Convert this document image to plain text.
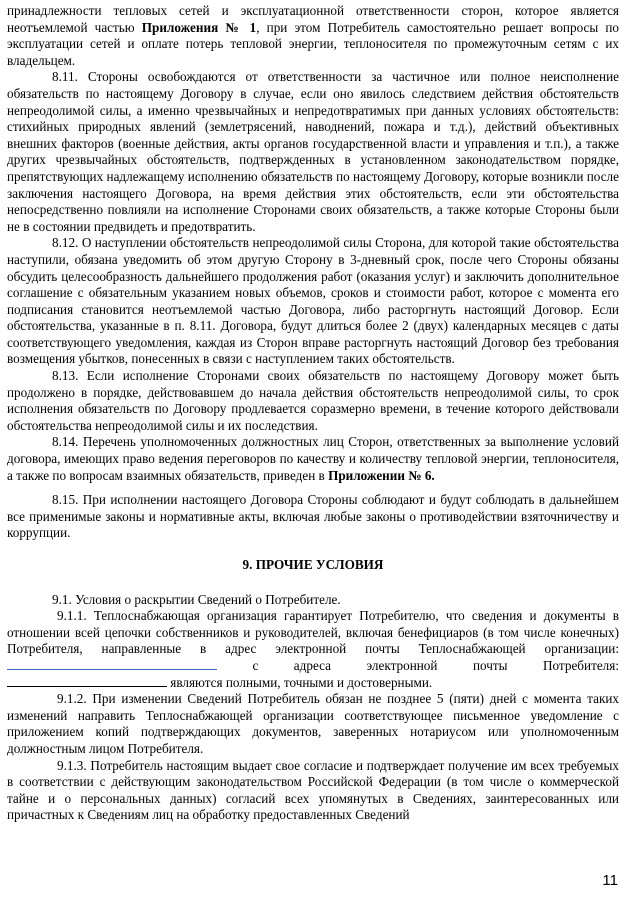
принадлежности тепловых сетей и эксплуатационной ответственности сторон, которое является неотъемлемой частью Приложения № 1, при этом Потребитель самостоятельно решает вопросы по эксплуатации сетей и оплате потерь тепловой энергии, теплоносителя по промежуточным сетям с их владельцем.

8.11. Стороны освобождаются от ответственности за частичное или полное неисполнение обязательств по настоящему Договору в случае, если оно явилось следствием действия обстоятельств непреодолимой силы, а именно чрезвычайных и непредотвратимых при данных условиях обстоятельств: стихийных природных явлений (землетрясений, наводнений, пожара и т.д.), действий объективных внешних факторов (военные действия, акты органов государственной власти и управления и т.п.), а также других чрезвычайных обстоятельств, подтвержденных в установленном законодательством порядке, препятствующих надлежащему исполнению обязательств по настоящему Договору, которые возникли после заключения настоящего Договора, на время действия этих обстоятельств, если эти обстоятельства непосредственно повлияли на исполнение Сторонами своих обязательств, а также которые Стороны были не в состоянии предвидеть и предотвратить.

8.12. О наступлении обстоятельств непреодолимой силы Сторона, для которой такие обстоятельства наступили, обязана уведомить об этом другую Сторону в 3-дневный срок, после чего Стороны обязаны обсудить целесообразность дальнейшего продолжения работ (оказания услуг) и заключить дополнительное соглашение с обязательным указанием новых объемов, сроков и стоимости работ, которое с момента его подписания становится неотъемлемой частью Договора, либо расторгнуть настоящий Договор. Если обстоятельства, указанные в п. 8.11. Договора, будут длиться более 2 (двух) календарных месяцев с даты соответствующего уведомления, каждая из Сторон вправе расторгнуть настоящий Договор без требования возмещения убытков, понесенных в связи с наступлением таких обстоятельств.

8.13. Если исполнение Сторонами своих обязательств по настоящему Договору может быть продолжено в порядке, действовавшем до начала действия обстоятельств непреодолимой силы, то срок исполнения обязательств по Договору продлевается соразмерно времени, в течение которого действовали обстоятельства непреодолимой силы и их последствия.

8.14. Перечень уполномоченных должностных лиц Сторон, ответственных за выполнение условий договора, имеющих право ведения переговоров по качеству и количеству тепловой энергии, теплоносителя, а также по вопросам взаимных обязательств, приведен в Приложении № 6.

8.15. При исполнении настоящего Договора Стороны соблюдают и будут соблюдать в дальнейшем все применимые законы и нормативные акты, включая любые законы о противодействии взяточничеству и коррупции.

9. ПРОЧИЕ УСЛОВИЯ

9.1. Условия о раскрытии Сведений о Потребителе.

9.1.1. Теплоснабжающая организация гарантирует Потребителю, что сведения и документы в отношении всей цепочки собственников и руководителей, включая бенефициаров (в том числе конечных) Потребителя, направленные в адрес электронной почты Теплоснабжающей организации:  с адреса электронной почты Потребителя:  являются полными, точными и достоверными.

9.1.2. При изменении Сведений Потребитель обязан не позднее 5 (пяти) дней с момента таких изменений направить Теплоснабжающей организации соответствующее письменное уведомление с приложением копий подтверждающих документов, заверенных нотариусом или уполномоченным должностным лицом Потребителя.

9.1.3. Потребитель настоящим выдает свое согласие и подтверждает получение им всех требуемых в соответствии с действующим законодательством Российской Федерации (в том числе о коммерческой тайне и о персональных данных) согласий всех упомянутых в Сведениях, заинтересованных или причастных к Сведениям лиц на обработку предоставленных Сведений

11
